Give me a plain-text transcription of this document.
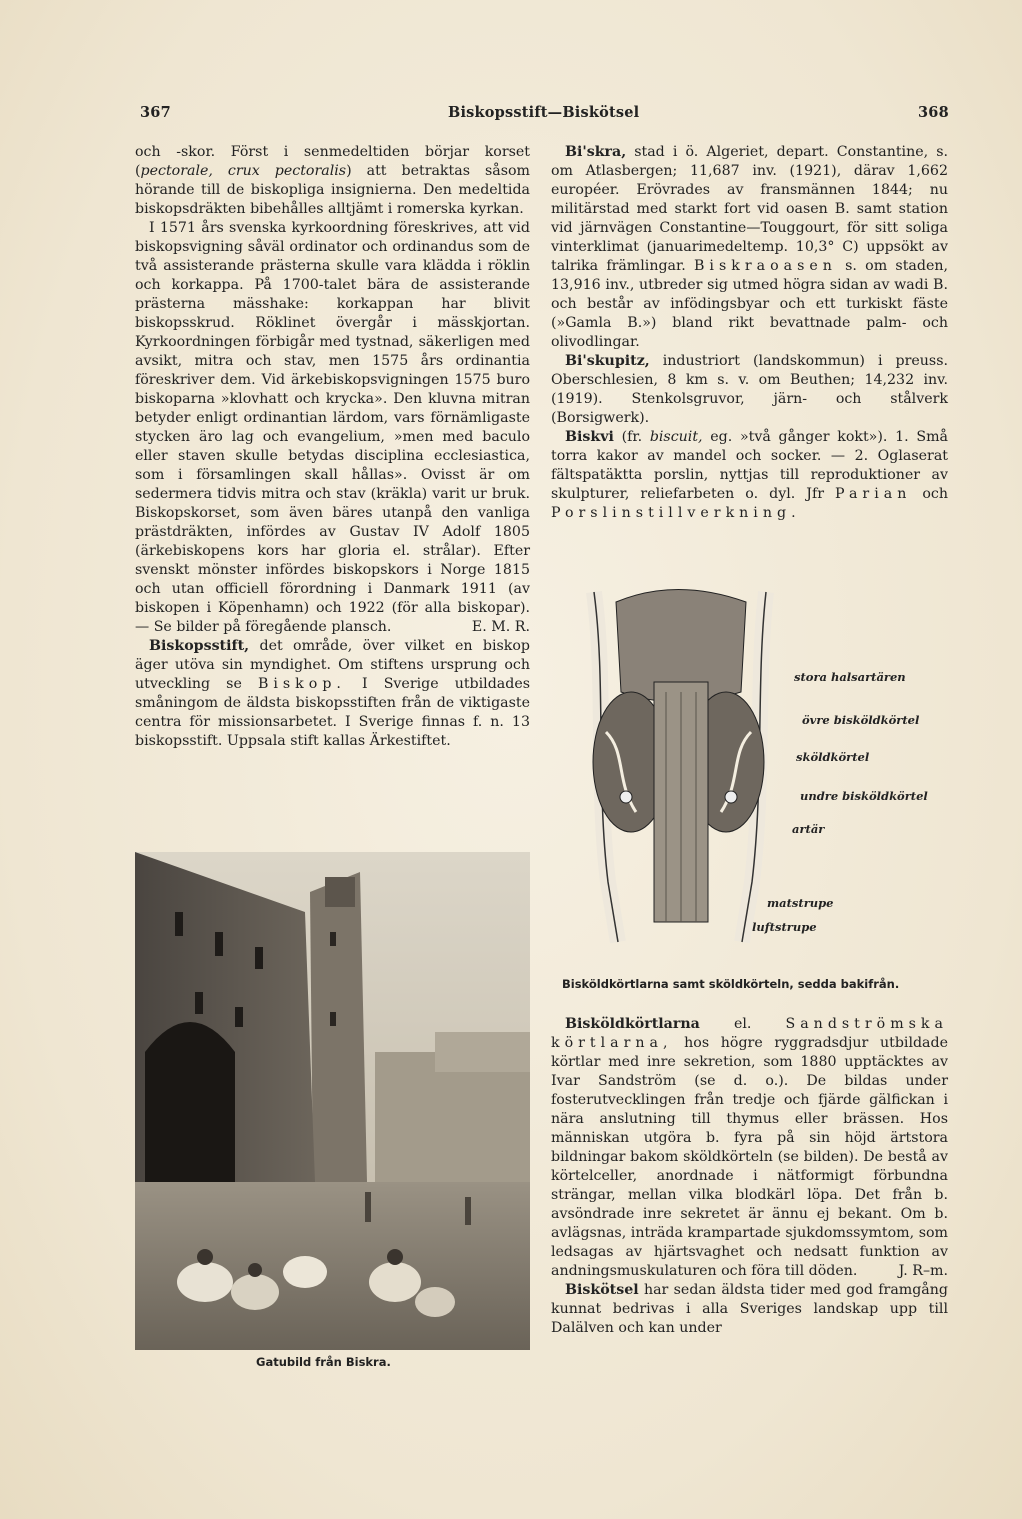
367	Biskopsstift—Biskötsel	368

och -skor. Först i senmedeltiden börjar korset (pectorale, crux pectoralis) att betraktas såsom hörande till de biskopliga insignierna. Den medeltida biskopsdräkten bibehålles alltjämt i romerska kyrkan.

I 1571 års svenska kyrkoordning föreskrives, att vid biskopsvigning såväl ordinator och ordinandus som de två assisterande prästerna skulle vara klädda i röklin och korkappa. På 1700-talet bära de assisterande prästerna mässhake: korkappan har blivit biskopsskrud. Röklinet övergår i mässkjortan. Kyrkoordningen förbigår med tystnad, säkerligen med avsikt, mitra och stav, men 1575 års ordinantia föreskriver dem. Vid ärkebiskopsvigningen 1575 buro biskoparna »klovhatt och krycka». Den kluvna mitran betyder enligt ordinantian lärdom, vars förnämligaste stycken äro lag och evangelium, »men med baculo eller staven skulle betydas disciplina ecclesiastica, som i församlingen skall hållas». Ovisst är om sedermera tidvis mitra och stav (kräkla) varit ur bruk. Biskopskorset, som även bäres utanpå den vanliga prästdräkten, infördes av Gustav IV Adolf 1805 (ärkebiskopens kors har gloria el. strålar). Efter svenskt mönster infördes biskopskors i Norge 1815 och utan officiell förordning i Danmark 1911 (av biskopen i Köpenhamn) och 1922 (för alla biskopar). — Se bilder på föregående plansch.	E. M. R.

Biskopsstift, det område, över vilket en biskop äger utöva sin myndighet. Om stiftens ursprung och utveckling se Biskop. I Sverige utbildades småningom de äldsta biskopsstiften från de viktigaste centra för missionsarbetet. I Sverige finnas f. n. 13 biskopsstift. Uppsala stift kallas Ärkestiftet.

Gatubild från Biskra.

Bi'skra, stad i ö. Algeriet, depart. Constantine, s. om Atlasbergen; 11,687 inv. (1921), därav 1,662 européer. Erövrades av fransmännen 1844; nu militärstad med starkt fort vid oasen B. samt station vid järnvägen Constantine—Touggourt, för sitt soliga vinterklimat (januarimedeltemp. 10,3° C) uppsökt av talrika främlingar. Biskraoasen s. om staden, 13,916 inv., utbreder sig utmed högra sidan av wadi B. och består av infödingsbyar och ett turkiskt fäste (»Gamla B.») bland rikt bevattnade palm- och olivodlingar.

Bi'skupitz, industriort (landskommun) i preuss. Oberschlesien, 8 km s. v. om Beuthen; 14,232 inv. (1919). Stenkolsgruvor, järn- och stålverk (Borsigwerk).

Biskvi (fr. biscuit, eg. »två gånger kokt»). 1. Små torra kakor av mandel och socker. — 2. Oglaserat fältspatäktta porslin, nyttjas till reproduktioner av skulpturer, reliefarbeten o. dyl. Jfr Parian och Porslinstillverkning.

stora halsartären
övre bisköldkörtel
sköldkörtel
undre bisköldkörtel
artär
matstrupe
luftstrupe
Bisköldkörtlarna samt sköldkörteln, sedda bakifrån.

Bisköldkörtlarna el. Sandströmska körtlarna, hos högre ryggradsdjur utbildade körtlar med inre sekretion, som 1880 upptäcktes av Ivar Sandström (se d. o.). De bildas under fosterutvecklingen från tredje och fjärde gälfickan i nära anslutning till thymus eller brässen. Hos människan utgöra b. fyra på sin höjd ärtstora bildningar bakom sköldkörteln (se bilden). De bestå av körtelceller, anordnade i nätformigt förbundna strängar, mellan vilka blodkärl löpa. Det från b. avsöndrade inre sekretet är ännu ej bekant. Om b. avlägsnas, inträda krampartade sjukdomssymtom, som ledsagas av hjärtsvaghet och nedsatt funktion av andningsmuskulaturen och föra till döden.	J. R–m.

Biskötsel har sedan äldsta tider med god framgång kunnat bedrivas i alla Sveriges landskap upp till Dalälven och kan under
